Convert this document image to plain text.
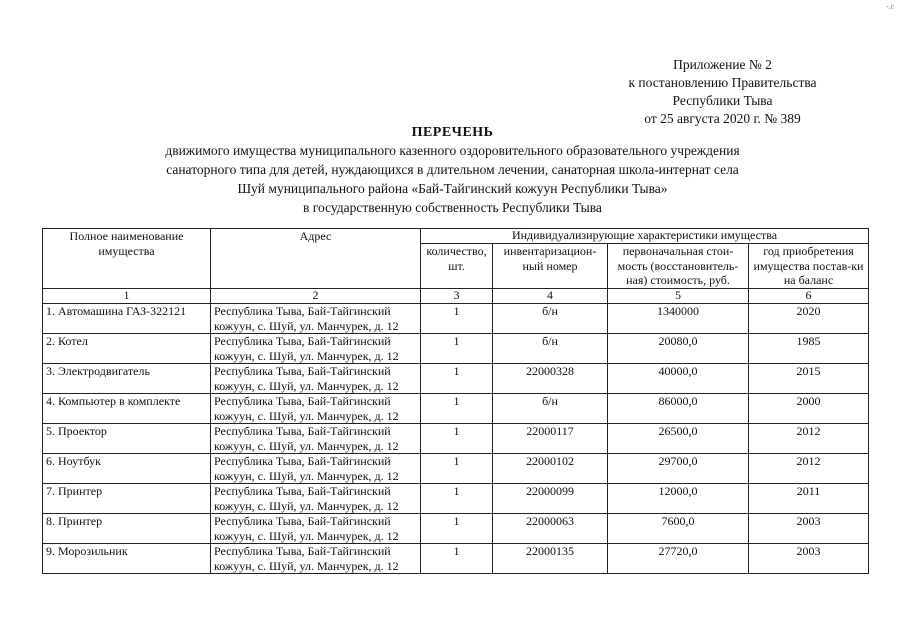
-.c
Приложение № 2
к постановлению Правительства
Республики Тыва
от 25 августа 2020 г. № 389
ПЕРЕЧЕНЬ
движимого имущества муниципального казенного оздоровительного образовательного учреждения
санаторного типа для детей, нуждающихся в длительном лечении, санаторная школа-интернат села
Шуй муниципального района «Бай-Тайгинский кожуун Республики Тыва»
в государственную собственность Республики Тыва
Полное наименование имущества	Адрес	Индивидуализирующие характеристики имущества			
		количество, шт.	инвентаризацион-ный номер	первоначальная стои-мость (восстановитель-ная) стоимость, руб.	год приобретения имущества постав-ки на баланс
1	2	3	4	5	6
1. Автомашина ГАЗ-322121	Республика Тыва, Бай-Тайгинский кожуун, с. Шуй, ул. Манчурек, д. 12	1	б/н	1340000	2020
2. Котел	Республика Тыва, Бай-Тайгинский кожуун, с. Шуй, ул. Манчурек, д. 12	1	б/н	20080,0	1985
3. Электродвигатель	Республика Тыва, Бай-Тайгинский кожуун, с. Шуй, ул. Манчурек, д. 12	1	22000328	40000,0	2015
4. Компьютер в комплекте	Республика Тыва, Бай-Тайгинский кожуун, с. Шуй, ул. Манчурек, д. 12	1	б/н	86000,0	2000
5. Проектор	Республика Тыва, Бай-Тайгинский кожуун, с. Шуй, ул. Манчурек, д. 12	1	22000117	26500,0	2012
6. Ноутбук	Республика Тыва, Бай-Тайгинский кожуун, с. Шуй, ул. Манчурек, д. 12	1	22000102	29700,0	2012
7. Принтер	Республика Тыва, Бай-Тайгинский кожуун, с. Шуй, ул. Манчурек, д. 12	1	22000099	12000,0	2011
8. Принтер	Республика Тыва, Бай-Тайгинский кожуун, с. Шуй, ул. Манчурек, д. 12	1	22000063	7600,0	2003
9. Морозильник	Республика Тыва, Бай-Тайгинский кожуун, с. Шуй, ул. Манчурек, д. 12	1	22000135	27720,0	2003
